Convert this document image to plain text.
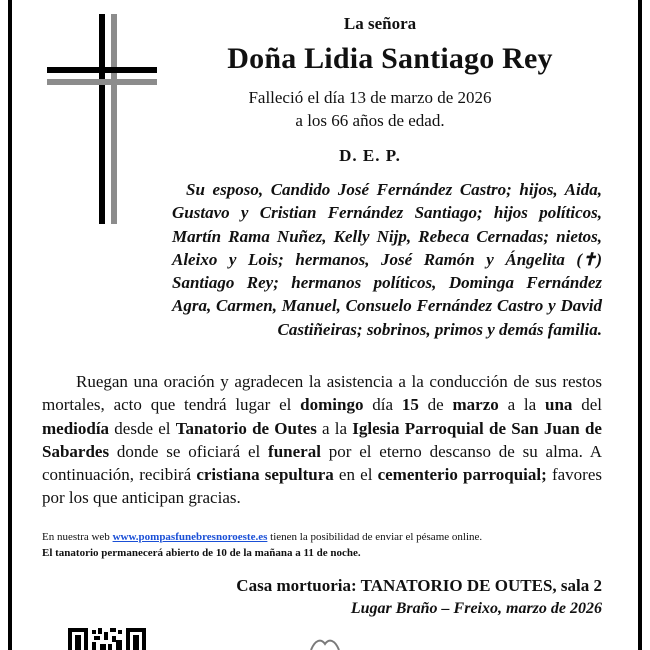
La señora
Doña Lidia Santiago Rey
Falleció el día 13 de marzo de 2026
a los 66 años de edad.
D. E. P.

Su esposo, Candido José Fernández Castro; hijos, Aida, Gustavo y Cristian Fernández Santiago; hijos políticos, Martín Rama Nuñez, Kelly Nijp, Rebeca Cernadas; nietos, Aleixo y Lois; hermanos, José Ramón y Ángelita (✝) Santiago Rey; hermanos políticos, Dominga Fernández Agra, Carmen, Manuel, Consuelo Fernández Castro y David Castiñeiras; sobrinos, primos y demás familia.

Ruegan una oración y agradecen la asistencia a la conducción de sus restos mortales, acto que tendrá lugar el domingo día 15 de marzo a la una del mediodía desde el Tanatorio de Outes a la Iglesia Parroquial de San Juan de Sabardes donde se oficiará el funeral por el eterno descanso de su alma. A continuación, recibirá cristiana sepultura en el cementerio parroquial; favores por los que anticipan gracias.

En nuestra web www.pompasfunebresnoroeste.es tienen la posibilidad de enviar el pésame online.
El tanatorio permanecerá abierto de 10 de la mañana a 11 de noche.
Casa mortuoria: TANATORIO DE OUTES, sala 2
Lugar Braño – Freixo, marzo de 2026
